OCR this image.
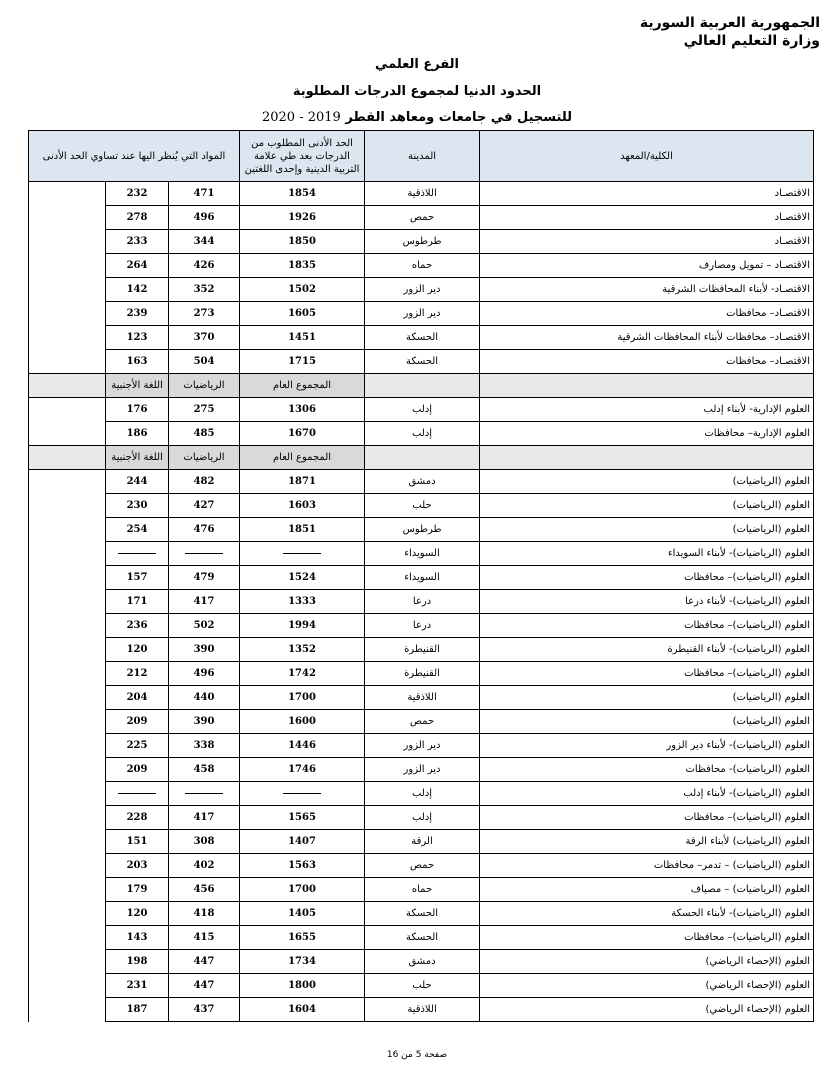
الجمهورية العربية السورية
وزارة التعليم العالي
الفرع العلمي
الحدود الدنيا لمجموع الدرجات المطلوبة
للتسجيل في جامعات ومعاهد القطر 2019 - 2020
المواد التي يُنظر اليها عند تساوي الحد الأدنى			الحد الأدنى المطلوب من الدرجات بعد طي علامة التربية الدينية وإحدى اللغتين	المدينة	الكلية/المعهد
	232	471	1854	اللاذقية	الاقتصـاد
	278	496	1926	حمص	الاقتصـاد
	233	344	1850	طرطوس	الاقتصـاد
	264	426	1835	حماه	الاقتصـاد – تمويل ومصارف
	142	352	1502	دير الزور	الاقتصـاد- لأبناء المحافظات الشرقية
	239	273	1605	دير الزور	الاقتصـاد– محافظات
	123	370	1451	الحسكة	الاقتصـاد– محافظات لأبناء المحافظات الشرقية
	163	504	1715	الحسكة	الاقتصـاد– محافظات
	اللغة الأجنبية	الرياضيات	المجموع العام		
	176	275	1306	إدلب	العلوم الإدارية- لأبناء إدلب
	186	485	1670	إدلب	العلوم الإدارية– محافظات
	اللغة الأجنبية	الرياضيات	المجموع العام		
	244	482	1871	دمشق	العلوم (الرياضيات)
	230	427	1603	حلب	العلوم (الرياضيات)
	254	476	1851	طرطوس	العلوم (الرياضيات)
				السويداء	العلوم (الرياضيات)- لأبناء السويداء
	157	479	1524	السويداء	العلوم (الرياضيات)– محافظات
	171	417	1333	درعا	العلوم (الرياضيات)- لأبناء درعا
	236	502	1994	درعا	العلوم (الرياضيات)– محافظات
	120	390	1352	القنيطرة	العلوم (الرياضيات)- لأبناء القنيطرة
	212	496	1742	القنيطرة	العلوم (الرياضيات)– محافظات
	204	440	1700	اللاذقية	العلوم (الرياضيات)
	209	390	1600	حمص	العلوم (الرياضيات)
	225	338	1446	دير الزور	العلوم (الرياضيات)- لأبناء دير الزور
	209	458	1746	دير الزور	العلوم (الرياضيات)- محافظات
				إدلب	العلوم (الرياضيات)- لأبناء إدلب
	228	417	1565	إدلب	العلوم (الرياضيات)– محافظات
	151	308	1407	الرقة	العلوم (الرياضيات) لأبناء الرقة
	203	402	1563	حمص	العلوم (الرياضيات) – تدمر– محافظات
	179	456	1700	حماه	العلوم (الرياضيات) – مصياف
	120	418	1405	الحسكة	العلوم (الرياضيات)- لأبناء الحسكة
	143	415	1655	الحسكة	العلوم (الرياضيات)– محافظات
	198	447	1734	دمشق	العلوم (الإحصاء الرياضي)
	231	447	1800	حلب	العلوم (الإحصاء الرياضي)
	187	437	1604	اللاذقية	العلوم (الإحصاء الرياضي)
صفحة 5 من 16
